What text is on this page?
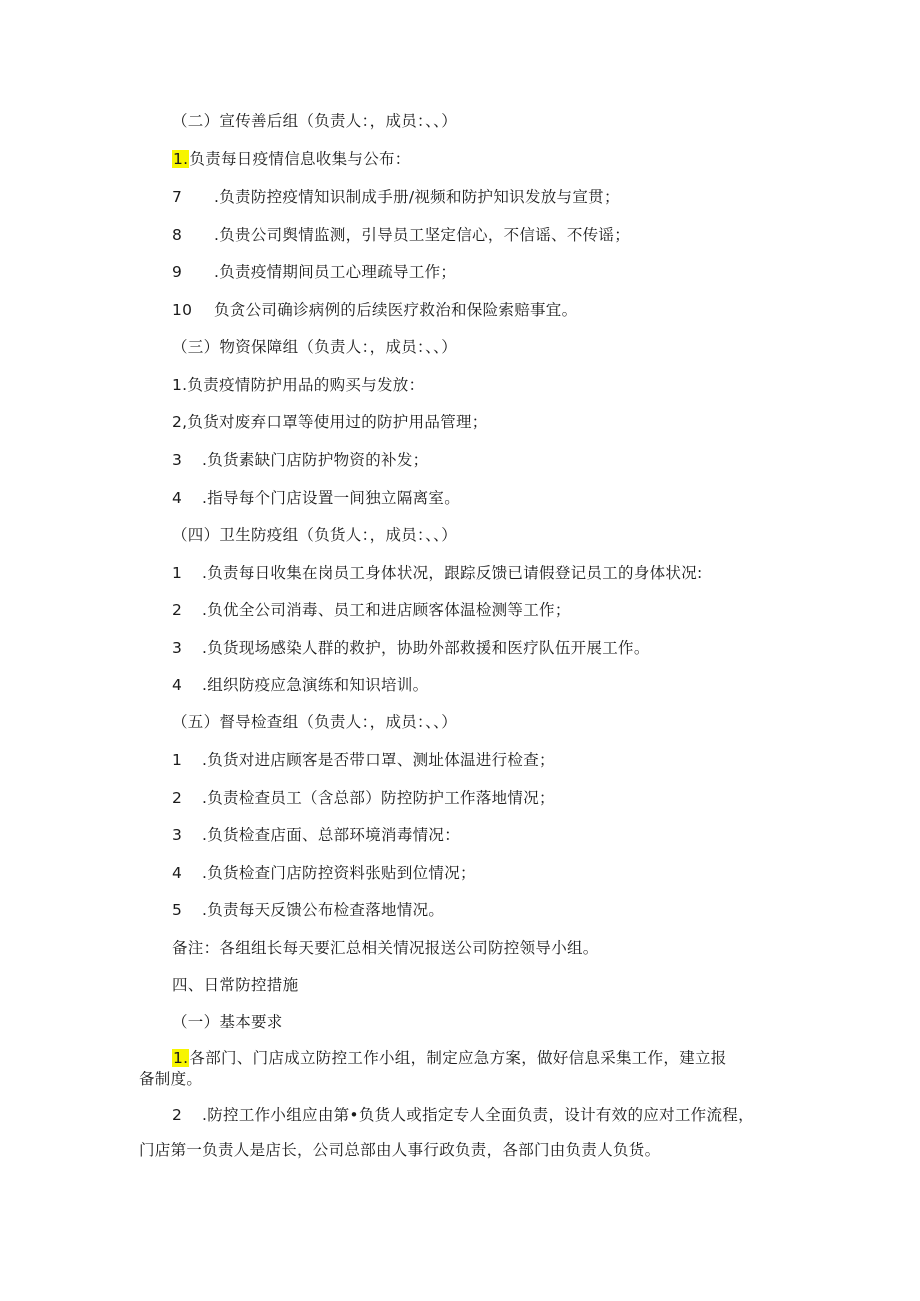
（二）宣传善后组（负责人：，成员：、、）
1.负责每日疫情信息收集与公布：
7 .负责防控疫情知识制成手册/视频和防护知识发放与宣贯；
8 .负贵公司舆情监测，引导员工坚定信心，不信谣、不传谣；
9 .负责疫情期间员工心理疏导工作；
10 负贪公司确诊病例的后续医疗救治和保险索赔事宜。
（三）物资保障组（负责人：，成员：、、）
1.负责疫情防护用品的购买与发放：
2,负货对废弃口罩等使用过的防护用品管理；
3 .负货素缺门店防护物资的补发；
4 .指导每个门店设置一间独立隔离室。
（四）卫生防疫组（负货人：，成员：、、）
1 .负责每日收集在岗员工身体状况，跟踪反馈已请假登记员工的身体状况:
2 .负优全公司消毒、员工和进店顾客体温检测等工作；
3 .负货现场感染人群的救护，协助外部救援和医疗队伍开展工作。
4 .组织防疫应急演练和知识培训。
（五）督导检查组（负责人：，成员：、、）
1 .负货对进店顾客是否带口罩、测址体温进行检查；
2 .负责检查员工（含总部）防控防护工作落地情况；
3 .负货检查店面、总部环境消毒情况：
4 .负货检查门店防控资料张贴到位情况；
5 .负责每天反馈公布检查落地情况。
备注：各组组长每天要汇总相关情况报送公司防控领导小组。
四、日常防控措施
（一）基本要求
1.各部门、门店成立防控工作小组，制定应急方案，做好信息采集工作，建立报
备制度。
2 .防控工作小组应由第•负货人或指定专人全面负责，设计有效的应对工作流程，
门店第一负责人是店长，公司总部由人事行政负责，各部门由负责人负货。
